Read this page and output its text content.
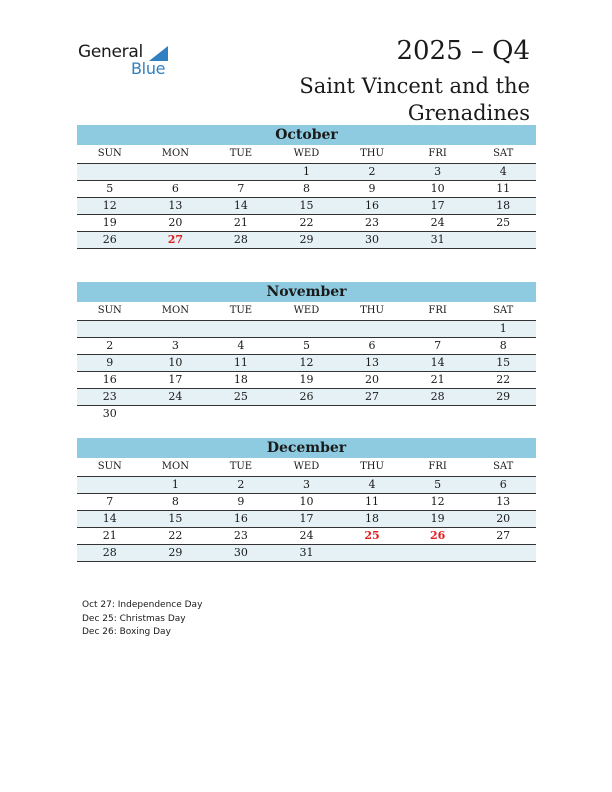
General
Blue
2025 – Q4
Saint Vincent and the Grenadines
October
SUN	MON	TUE	WED	THU	FRI	SAT
			1	2	3	4
5	6	7	8	9	10	11
12	13	14	15	16	17	18
19	20	21	22	23	24	25
26	27	28	29	30	31	
November
SUN	MON	TUE	WED	THU	FRI	SAT
						1
2	3	4	5	6	7	8
9	10	11	12	13	14	15
16	17	18	19	20	21	22
23	24	25	26	27	28	29
30						
December
SUN	MON	TUE	WED	THU	FRI	SAT
	1	2	3	4	5	6
7	8	9	10	11	12	13
14	15	16	17	18	19	20
21	22	23	24	25	26	27
28	29	30	31			
Oct 27: Independence Day
Dec 25: Christmas Day
Dec 26: Boxing Day
